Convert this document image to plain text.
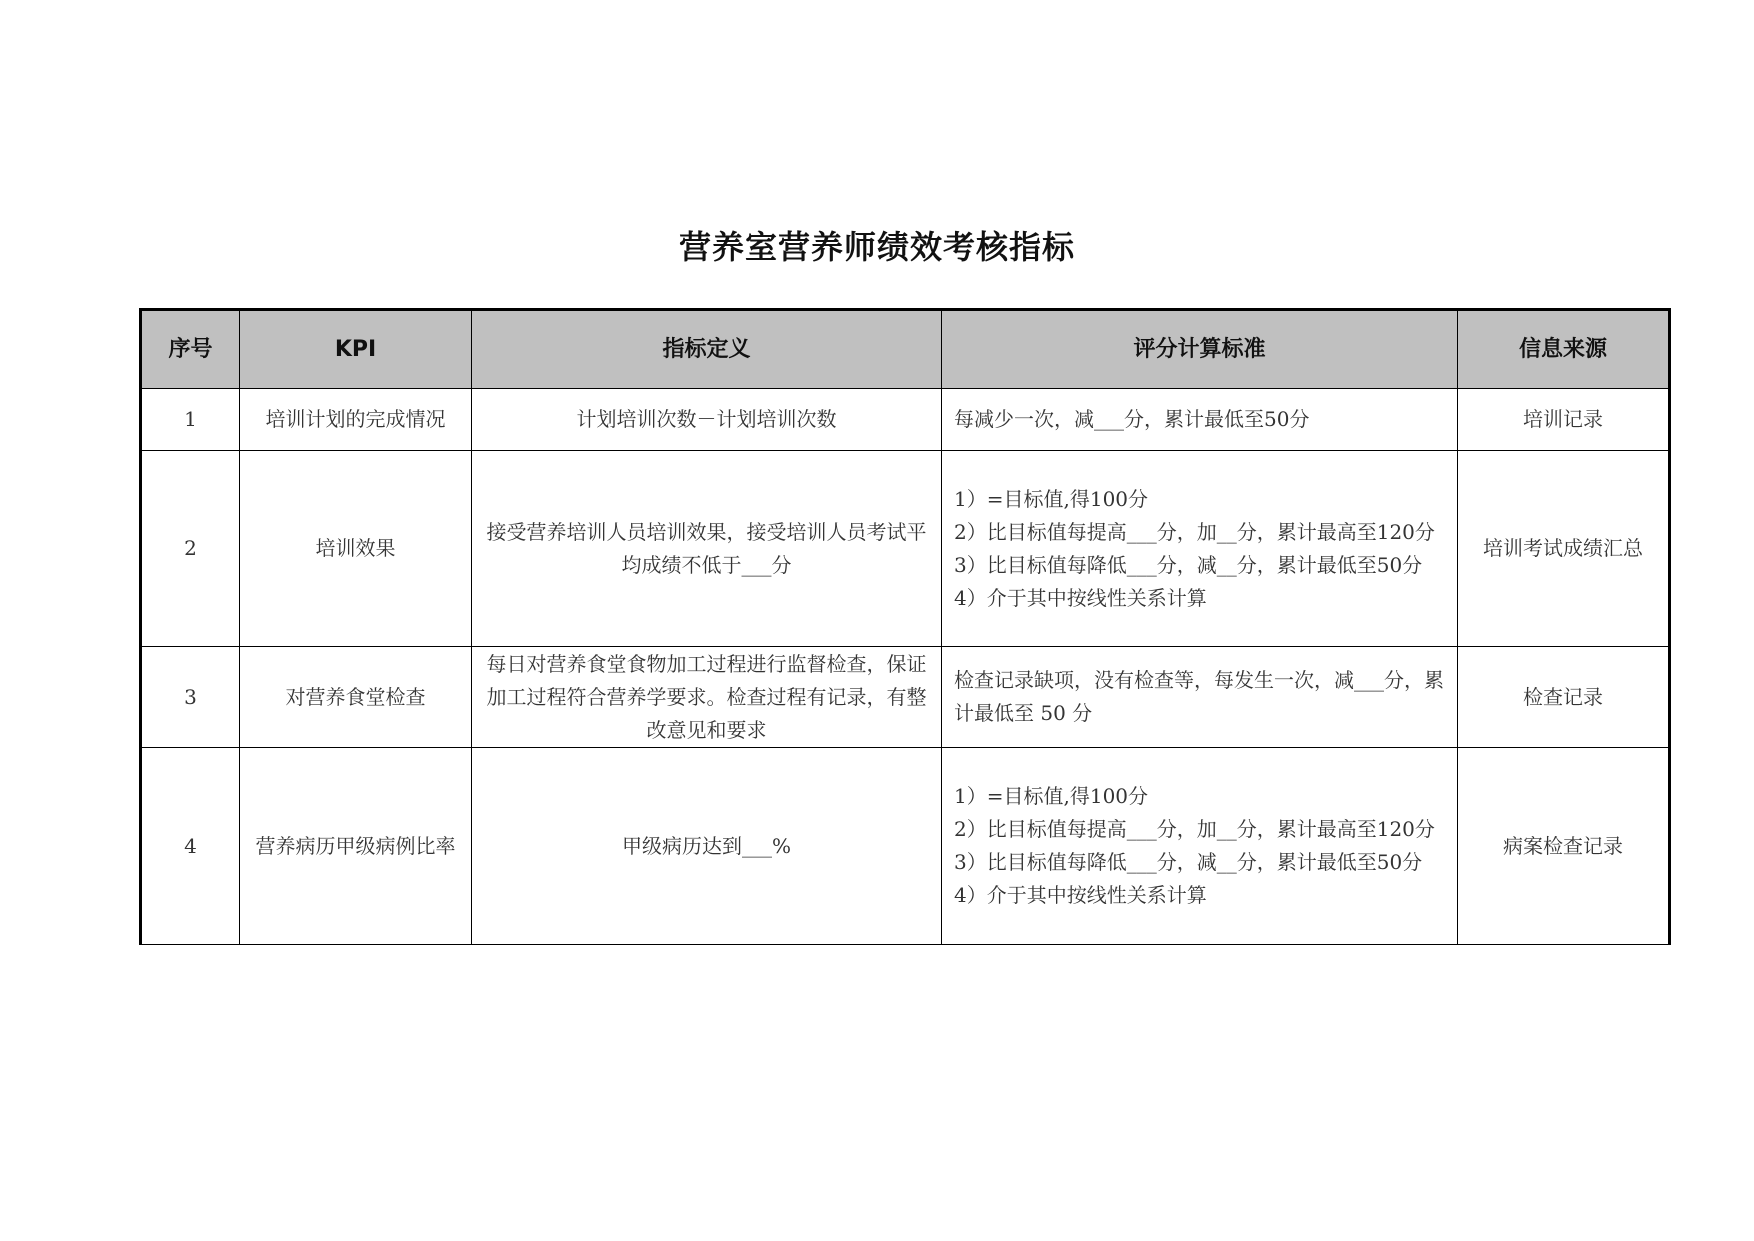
营养室营养师绩效考核指标
序号	KPI	指标定义	评分计算标准	信息来源
1	培训计划的完成情况	计划培训次数－计划培训次数	每减少一次，减___分，累计最低至50分	培训记录
2	培训效果	接受营养培训人员培训效果，接受培训人员考试平均成绩不低于___分	1）=目标值,得100分
2）比目标值每提高___分，加__分，累计最高至120分
3）比目标值每降低___分，减__分，累计最低至50分
4）介于其中按线性关系计算	培训考试成绩汇总
3	对营养食堂检查	每日对营养食堂食物加工过程进行监督检查，保证加工过程符合营养学要求。检查过程有记录，有整改意见和要求	检查记录缺项，没有检查等，每发生一次，减___分，累计最低至 50 分	检查记录
4	营养病历甲级病例比率	甲级病历达到___%	1）=目标值,得100分
2）比目标值每提高___分，加__分，累计最高至120分
3）比目标值每降低___分，减__分，累计最低至50分
4）介于其中按线性关系计算	病案检查记录
